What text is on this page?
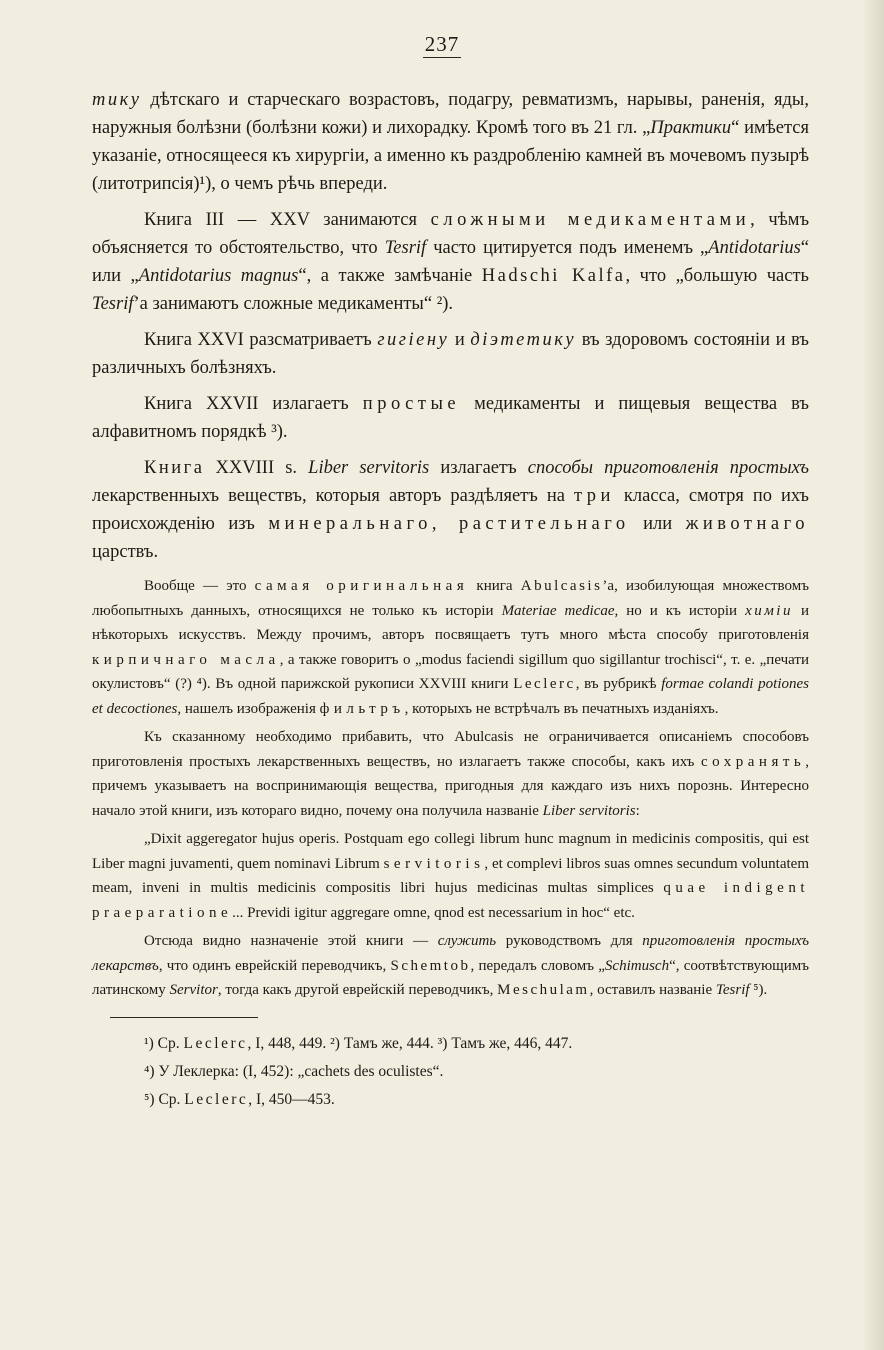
237

тику дѣтскаго и старческаго возрастовъ, подагру, ревматизмъ, нарывы, раненія, яды, наружныя болѣзни (болѣзни кожи) и лихорадку. Кромѣ того въ 21 гл. „Практики“ имѣется указаніе, относящееся къ хирургіи, а именно къ раздробленію камней въ мочевомъ пузырѣ (литотрипсія)¹), о чемъ рѣчь впереди.

Книга III — XXV занимаются сложными медикаментами, чѣмъ объясняется то обстоятельство, что Tesrif часто цитируется подъ именемъ „Antidotarius“ или „Antidotarius magnus“, а также замѣчаніе Hadschi Kalfa, что „большую часть Tesrif’а занимаютъ сложные медикаменты“ ²).

Книга XXVI разсматриваетъ гигіену и діэтетику въ здоровомъ состояніи и въ различныхъ болѣзняхъ.

Книга XXVII излагаетъ простые медикаменты и пищевыя вещества въ алфавитномъ порядкѣ ³).

Книга XXVIII s. Liber servitoris излагаетъ способы приготовленія простыхъ лекарственныхъ веществъ, которыя авторъ раздѣляетъ на три класса, смотря по ихъ происхожденію изъ минеральнаго, растительнаго или животнаго царствъ.

Вообще — это самая оригинальная книга Abulcasis’a, изобилующая множествомъ любопытныхъ данныхъ, относящихся не только къ исторіи Materiae medicae, но и къ исторіи химіи и нѣкоторыхъ искусствъ. Между прочимъ, авторъ посвящаетъ тутъ много мѣста способу приготовленія кирпичнаго масла, а также говоритъ о „modus faciendi sigillum quo sigillantur trochisci“, т. е. „печати окулистовъ“ (?) ⁴). Въ одной парижской рукописи XXVIII книги Leclerc, въ рубрикѣ formae colandi potiones et decoctiones, нашелъ изображенія фильтръ, которыхъ не встрѣчалъ въ печатныхъ изданіяхъ.

Къ сказанному необходимо прибавить, что Abulcasis не ограничивается описаніемъ способовъ приготовленія простыхъ лекарственныхъ веществъ, но излагаетъ также способы, какъ ихъ сохранять, причемъ указываетъ на воспринимающія вещества, пригодныя для каждаго изъ нихъ порознь. Интересно начало этой книги, изъ котораго видно, почему она получила названіе Liber servitoris:

„Dixit aggeregator hujus operis. Postquam ego collegi librum hunc magnum in medicinis compositis, qui est Liber magni juvamenti, quem nominavi Librum servitoris, et complevi libros suas omnes secundum voluntatem meam, inveni in multis medicinis compositis libri hujus medicinas multas simplices quae indigent praeparatione... Previdi igitur aggregare omne, qnod est necessarium in hoc“ etc.

Отсюда видно назначеніе этой книги — служить руководствомъ для приготовленія простыхъ лекарствъ, что одинъ еврейскій переводчикъ, Schemtob, передалъ словомъ „Schimusch“, соотвѣтствующимъ латинскому Servitor, тогда какъ другой еврейскій переводчикъ, Meschulam, оставилъ названіе Tesrif ⁵).

¹) Ср. Leclerc, I, 448, 449. ²) Тамъ же, 444. ³) Тамъ же, 446, 447.
⁴) У Леклерка: (I, 452): „cachets des oculistes“.
⁵) Ср. Leclerc, I, 450—453.
